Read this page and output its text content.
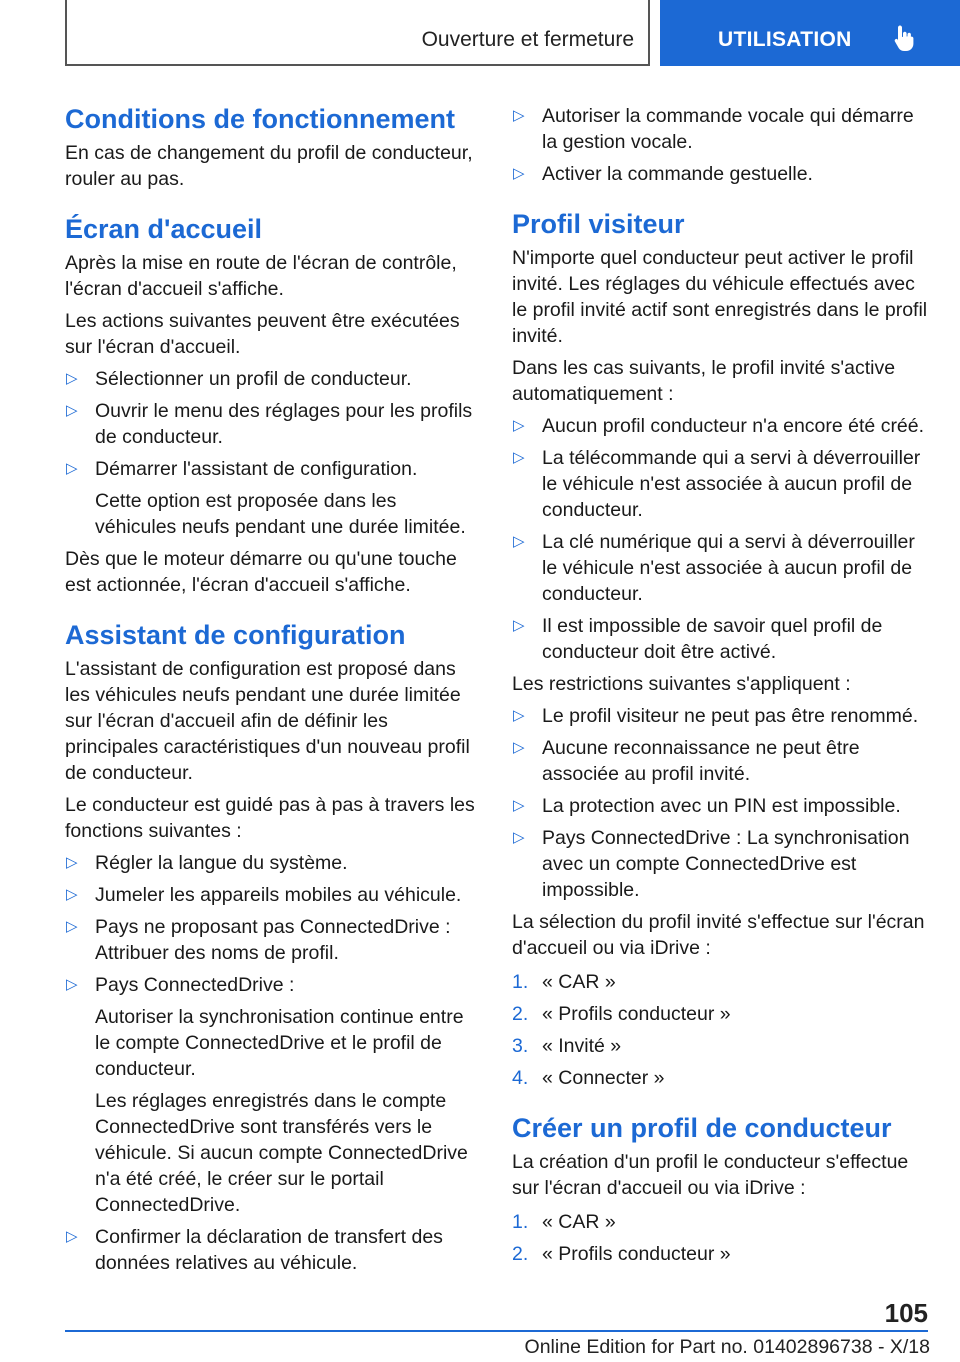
Ouverture et fermeture	UTILISATION
Conditions de fonctionnement

En cas de changement du profil de conducteur, rouler au pas.

Écran d'accueil

Après la mise en route de l'écran de contrôle, l'écran d'accueil s'affiche.

Les actions suivantes peuvent être exécutées sur l'écran d'accueil.

▷ Sélectionner un profil de conducteur.
▷ Ouvrir le menu des réglages pour les profils de conducteur.
▷ Démarrer l'assistant de configuration.
Cette option est proposée dans les véhicules neufs pendant une durée limitée.

Dès que le moteur démarre ou qu'une touche est actionnée, l'écran d'accueil s'affiche.

Assistant de configuration

L'assistant de configuration est proposé dans les véhicules neufs pendant une durée limitée sur l'écran d'accueil afin de définir les principales caractéristiques d'un nouveau profil de conducteur.

Le conducteur est guidé pas à pas à travers les fonctions suivantes :

▷ Régler la langue du système.
▷ Jumeler les appareils mobiles au véhicule.
▷ Pays ne proposant pas ConnectedDrive : Attribuer des noms de profil.
▷ Pays ConnectedDrive :
Autoriser la synchronisation continue entre le compte ConnectedDrive et le profil de conducteur.
Les réglages enregistrés dans le compte ConnectedDrive sont transférés vers le véhicule. Si aucun compte ConnectedDrive n'a été créé, le créer sur le portail ConnectedDrive.
▷ Confirmer la déclaration de transfert des données relatives au véhicule.
▷ Autoriser la commande vocale qui démarre la gestion vocale.
▷ Activer la commande gestuelle.
Profil visiteur

N'importe quel conducteur peut activer le profil invité. Les réglages du véhicule effectués avec le profil invité actif sont enregistrés dans le profil invité.

Dans les cas suivants, le profil invité s'active automatiquement :

▷ Aucun profil conducteur n'a encore été créé.
▷ La télécommande qui a servi à déverrouiller le véhicule n'est associée à aucun profil de conducteur.
▷ La clé numérique qui a servi à déverrouiller le véhicule n'est associée à aucun profil de conducteur.
▷ Il est impossible de savoir quel profil de conducteur doit être activé.

Les restrictions suivantes s'appliquent :

▷ Le profil visiteur ne peut pas être renommé.
▷ Aucune reconnaissance ne peut être associée au profil invité.
▷ La protection avec un PIN est impossible.
▷ Pays ConnectedDrive : La synchronisation avec un compte ConnectedDrive est impossible.

La sélection du profil invité s'effectue sur l'écran d'accueil ou via iDrive :

1. « CAR »
2. « Profils conducteur »
3. « Invité »
4. « Connecter »
Créer un profil de conducteur

La création d'un profil le conducteur s'effectue sur l'écran d'accueil ou via iDrive :

1. « CAR »
2. « Profils conducteur »
105
Online Edition for Part no. 01402896738 - X/18
